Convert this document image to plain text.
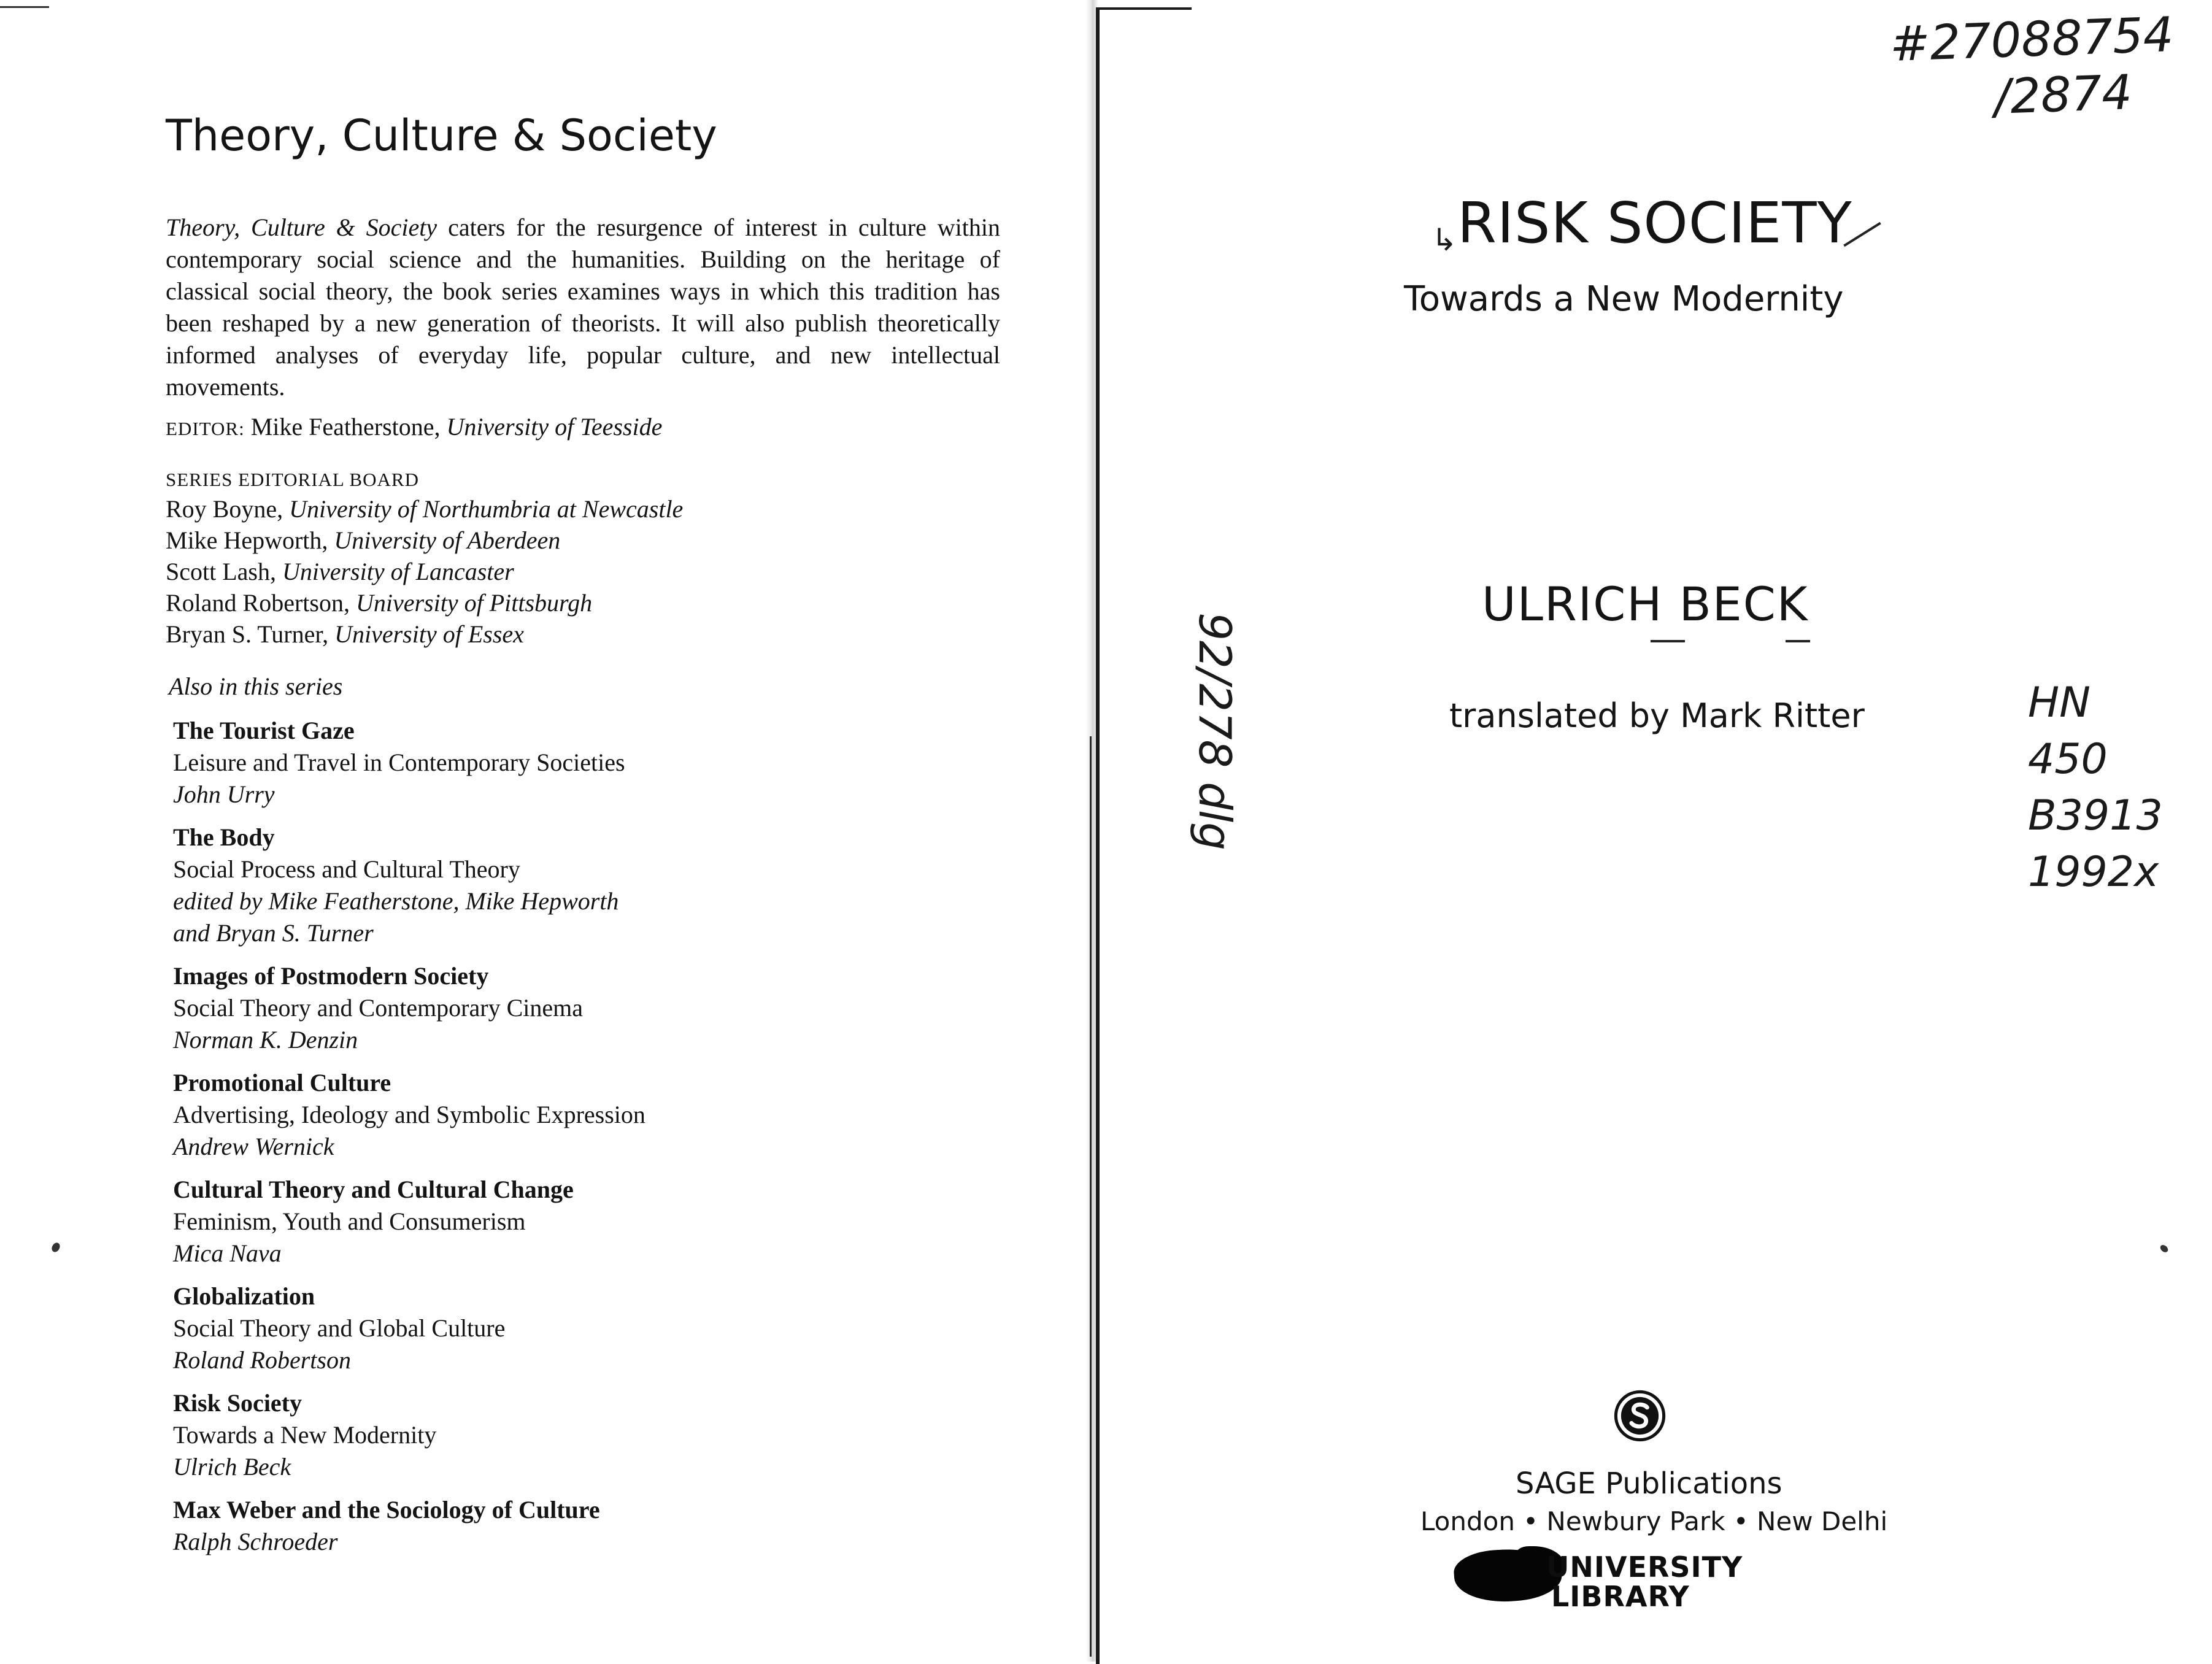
Theory, Culture & Society

Theory, Culture & Society caters for the resurgence of interest in culture within contemporary social science and the humanities. Building on the heritage of classical social theory, the book series examines ways in which this tradition has been reshaped by a new generation of theorists. It will also publish theoretically informed analyses of everyday life, popular culture, and new intellectual movements.

EDITOR: Mike Featherstone, University of Teesside
SERIES EDITORIAL BOARD
Roy Boyne, University of Northumbria at Newcastle
Mike Hepworth, University of Aberdeen
Scott Lash, University of Lancaster
Roland Robertson, University of Pittsburgh
Bryan S. Turner, University of Essex
Also in this series
The Tourist Gaze
Leisure and Travel in Contemporary Societies
John Urry
The Body
Social Process and Cultural Theory
edited by Mike Featherstone, Mike Hepworth
and Bryan S. Turner
Images of Postmodern Society
Social Theory and Contemporary Cinema
Norman K. Denzin
Promotional Culture
Advertising, Ideology and Symbolic Expression
Andrew Wernick
Cultural Theory and Cultural Change
Feminism, Youth and Consumerism
Mica Nava
Globalization
Social Theory and Global Culture
Roland Robertson
Risk Society
Towards a New Modernity
Ulrich Beck
Max Weber and the Sociology of Culture
Ralph Schroeder
#27088754
/2874
↳ RISK SOCIETY
Towards a New Modernity
ULRICH BECK
translated by Mark Ritter	HN
450
B3913
1992x
92/278 dlg
SAGE Publications
London • Newbury Park • New Delhi
UNIVERSITY
LIBRARY
